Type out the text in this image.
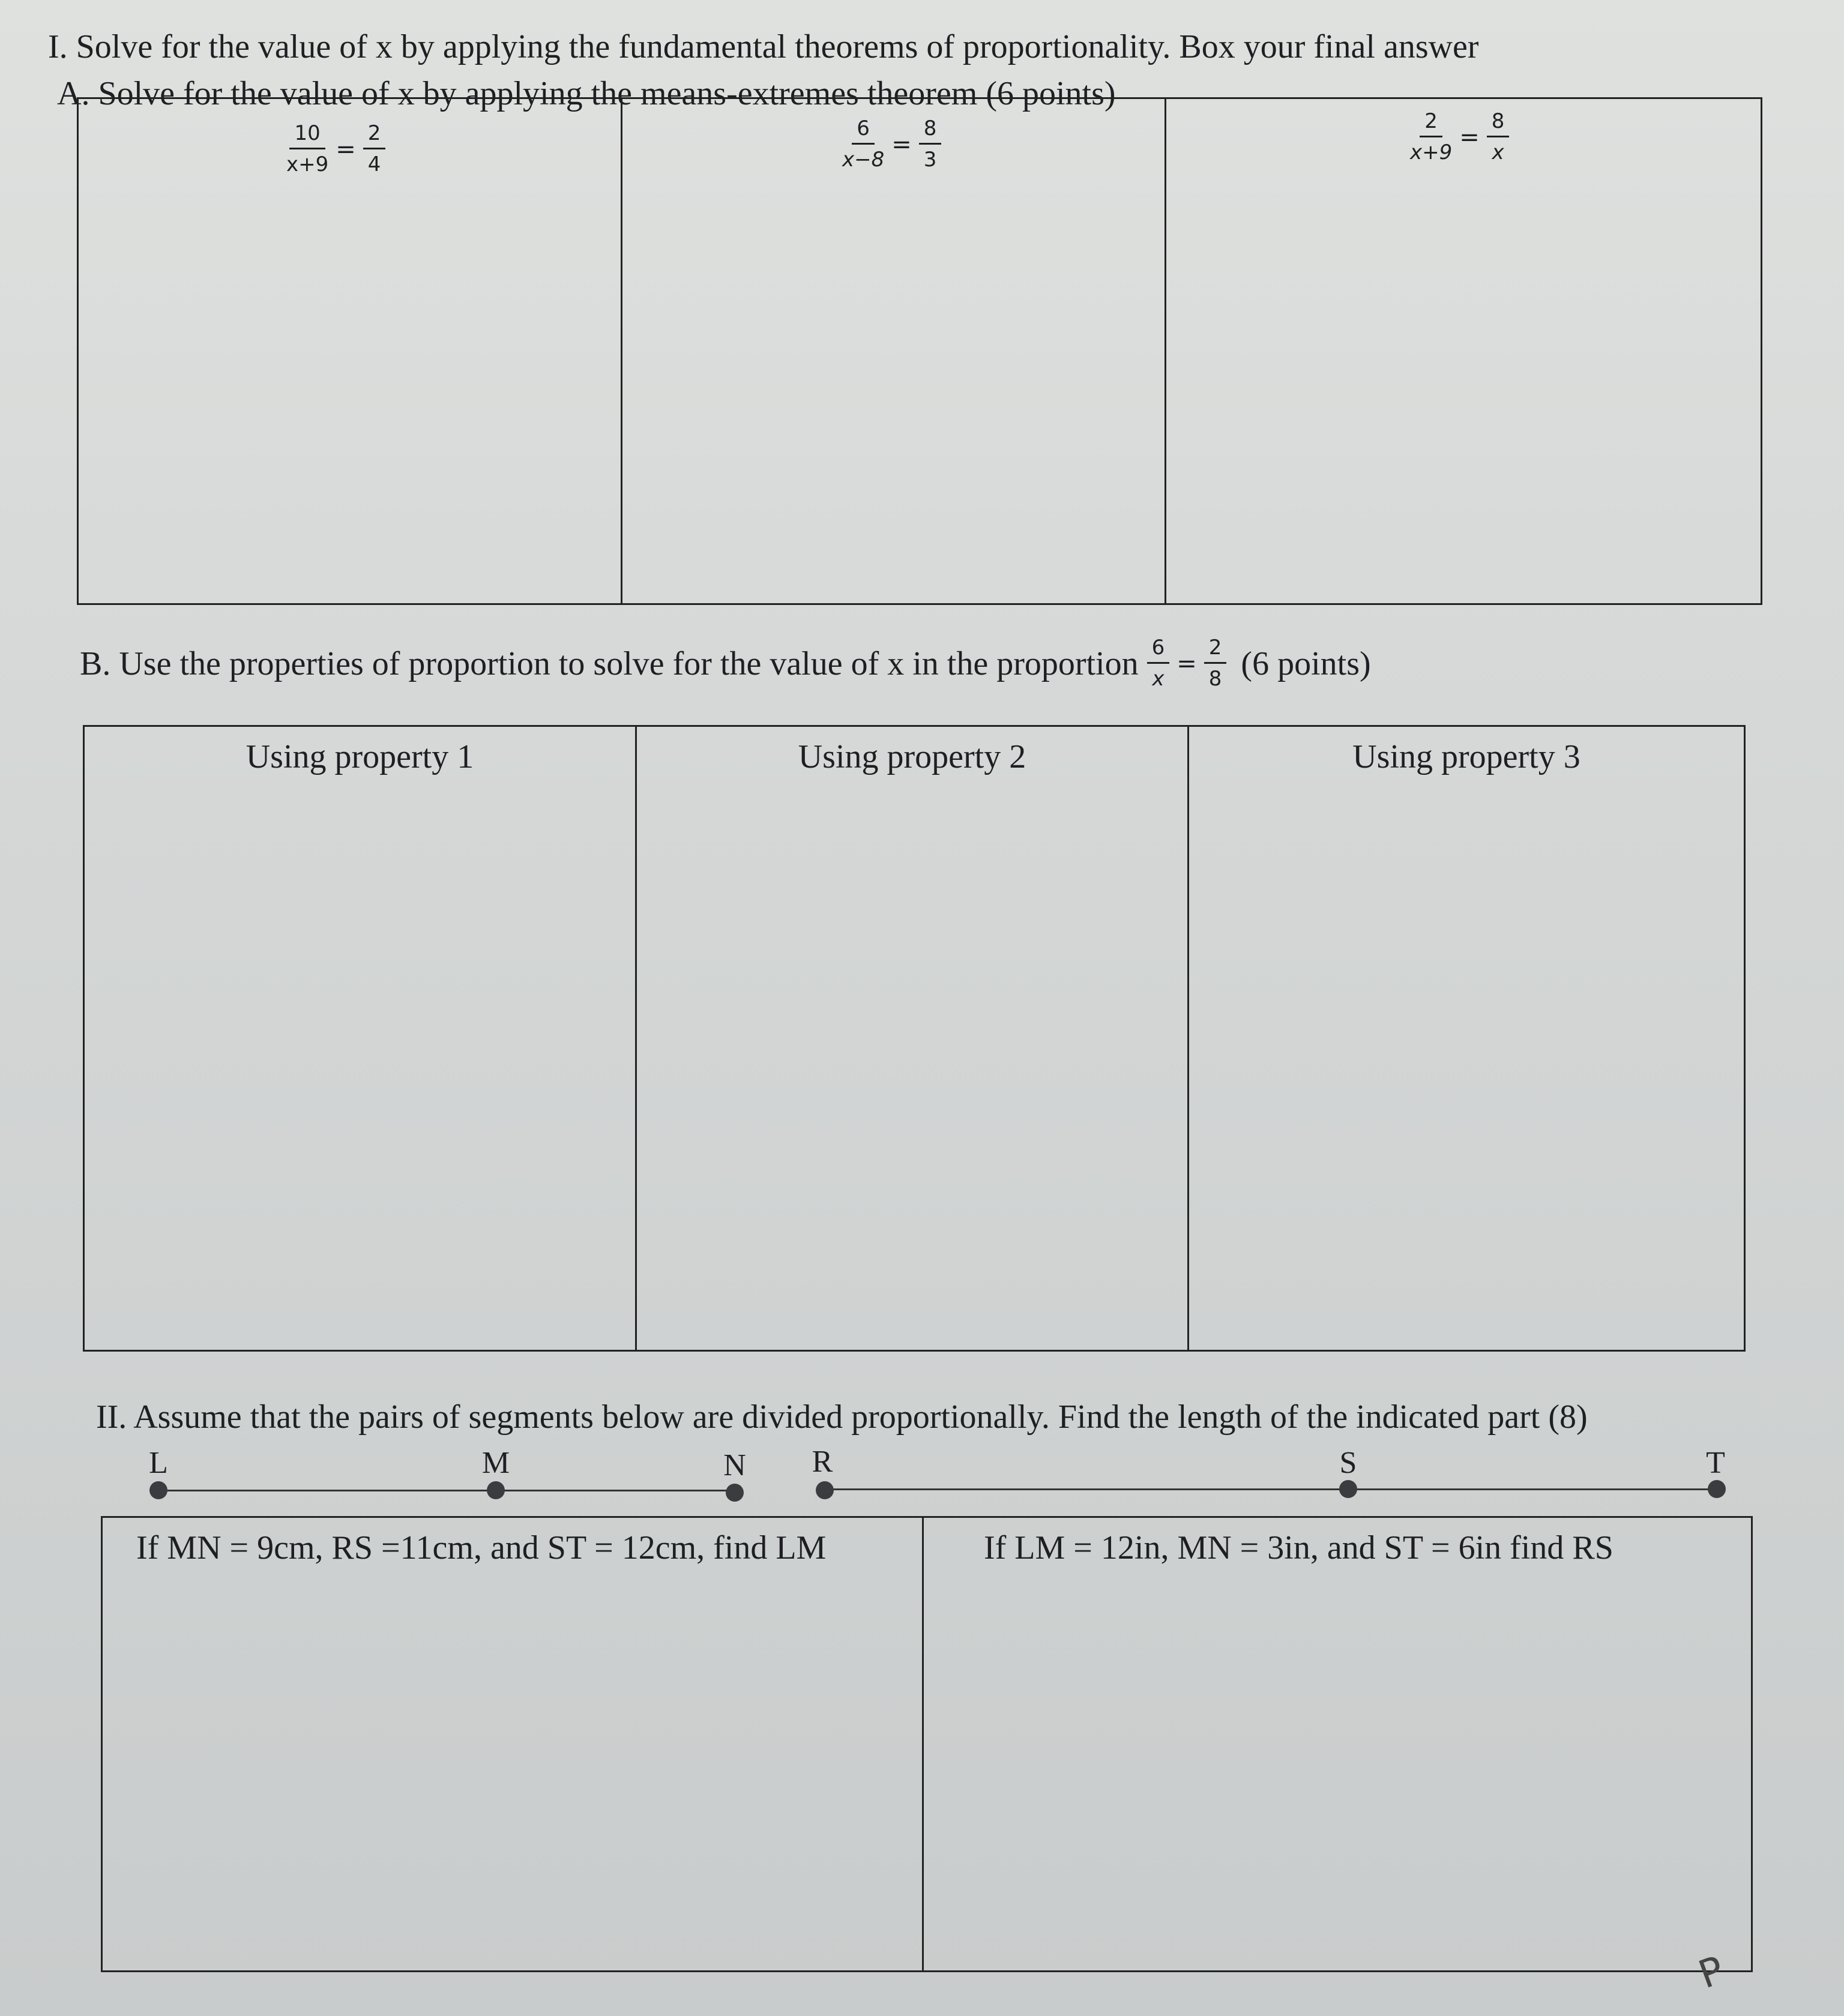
I. Solve for the value of x by applying the fundamental theorems of proportionality. Box your final answer
A. Solve for the value of x by applying the means-extremes theorem (6 points)
$\frac{10}{x+9} = \frac{2}{4}$	$\frac{6}{x-8} = \frac{8}{3}$	$\frac{2}{x+9} = \frac{8}{x}$
B. Use the properties of proportion to solve for the value of x in the proportion $\frac{6}{x} = \frac{2}{8} (6$ points)
Using property 1	Using property 2	Using property 3
II. Assume that the pairs of segments below are divided proportionally. Find the length of the indicated part (8)
L	M	N R	S	T
If MN = 9cm, RS =11cm, and ST = 12cm, find LM	If LM = 12in, MN = 3in, and ST = 6in find RS
P
